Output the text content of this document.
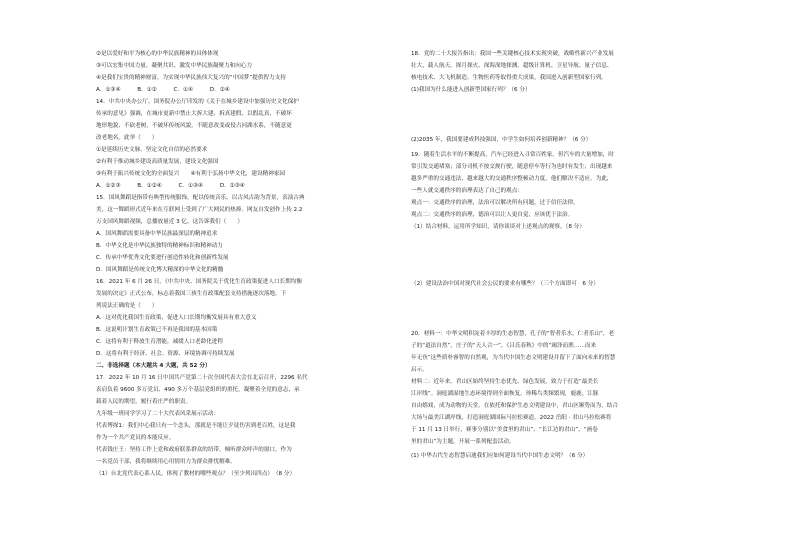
②是以爱好和平为核心的中华民族精神的具体体现
③可以宏集中国力量、凝聚共识、激发中华民族凝聚力和向心力
④是我们宝贵的精神财富，为实现中华民族伟大复兴的“中国梦”提供智力支持
A．①③④　　　B．①②　　　C．①④　　　D．②④
14．中共中央办公厅、国务院办公厅印发的《关于在城乡建设中加强历史文化保护
传承的意见》强调，在城市更新中禁止大拆大建、拆真建假、以假乱真，不破坏
地形地貌、不砍老树，不破坏传统风貌，不随意改变或侵占河湖水系，不随意更
改老地名。此举（　　）
①是延续历史文脉、坚定文化自信的必然要求
②有利于推动城乡建设高质量发展，建设文化强国
③有利于振兴传统文化的全面复兴　　④有利于弘扬中华文化，建设精神家园
A．①②③　　　B．①②④　　　C．①③④　　　D．②③④
15．国风舞蹈是指带有典型传统服饰，配以传统音乐，以古风古韵为背景，表演古典
美，这一舞蹈形式近年来在互联网上受到了广大网民的热捧。网友自发创作上传 2.2
万支国风舞蹈视频，总播放量近 3 亿。这告诉我们（　　）
A．国风舞蹈需要具备中华民族最深层的精神追求
B．中华文化是中华民族独特的精神标识和精神动力
C．传承中华优秀文化要进行创造性转化和创新性发展
D．国风舞蹈是传统文化博大精深的中华文化的精髓
16．2021 年 6 月 26 日，《中共中央、国务院关于优化生育政策促进人口长期均衡
发展的决定》正式公布，标志着我国三孩生育政策配套支持措施逐次落地。下
列说法正确的是（　　）
A．这对优化我国生育政策，促进人口长期均衡发展具有重大意义
B．这说明计划生育政策已不再是我国的基本国策
C．这将有利于释放生育潜能，减缓人口老龄化进程
D．这将有利于经济、社会、资源、环境协调可持续发展
二、非选择题（本大题共 4 大题，共 52 分）
17．2022 年 10 月 16 日中国共产党第二十次全国代表大会在北京召开，2296 名代
表肩负着 9600 多万党员、490 多万个基层党组织的重托，凝聚着全党的意志，承
载着人民的期望，履行着庄严的职责。
九年级一班同学学习了二十大代表风采展示活动：
代表博探1：我们中心我只有一个念头，那就是不能让歹徒伤害到老百姓，这是我
作为一个共产党员的本能反应。
代表钱庄王：坚持工作上党和政府联系群众的纽带，倾听群众呼声的窗口，作为
一名党员干部，我将继续用心用情用力为群众排忧解难。
（1）台北党代表心系人民，体现了教材的哪些观点？（至少列出四点）　（8 分）
18．党的二十大报告指出：我国一些关键核心技术实现突破，战略性新兴产业发展
壮大，载人航天、探月探火、深海深地探测、超级计算机、卫星导航、量子信息、
核电技术、大飞机制造、生物医药等取得重大成果，我国进入创新型国家行列。
(1)我国为什么能进入创新型国家行列？（6 分）
(2)2035 年，我国要建成科技强国，中学生如何培养创新精神？（6 分）
19．随着生活水平的不断提高，汽车已经进入寻常百姓家。但汽车的大量增加，时
常引发交通堵塞；部分司机不按交规行驶，随意停车等行为也时有发生；出现越来
越多严重的交通违法，越来越大的交通秩序整顿动力度，他们解决不适应。为此，
一些人就交通秩序的治理表达了自己的观点：
观点一：交通秩序的治理，法治可以解决所有问题，过于信任法律。
观点二：交通秩序的治理，德治可以让人更自觉，应该优于法治。
（1）结合材料，运用所学知识，请你谈谈对上述观点的观察。（8 分）
（2）建设法治中国对现代社会公民的要求有哪些？（三个方面即可　6 分）
20．材料一：中华文明积淀着丰厚的生态智慧，孔子的“智者乐水，仁者乐山”，老
子的“道法自然”，庄子的“天人合一”，《吕氏春秋》中的“竭泽而渔……而来
年无鱼”这些质朴睿智的自然观，为当代中国生态文明建设并留下了面向未来的智慧
启示。
材料二：近年来，君山区始终坚持生态优先、绿色发展，致力于打造“最美长
江岸线”。洞庭湖湿地生态环境得到全面恢复，珍稀鸟类频繁现，鹿鹿、江豚
自由嬉戏，成为动物的天堂。在依托和保护生态文明建设中，君山区顺势而为，结合
大场与最美江湖岸线，打造洞庭湖国际马拉松赛道。2022 岳阳 · 君山马拉松赛将
于 11 月 13 日举行，赛事分别以“美食里的君山”、“长江边的君山”、“画卷
里的君山”为主题，开展一系列配套活动。
(1) 中华古代生态智慧启迪我们应如何建设当代中国生态文明？（6 分）
